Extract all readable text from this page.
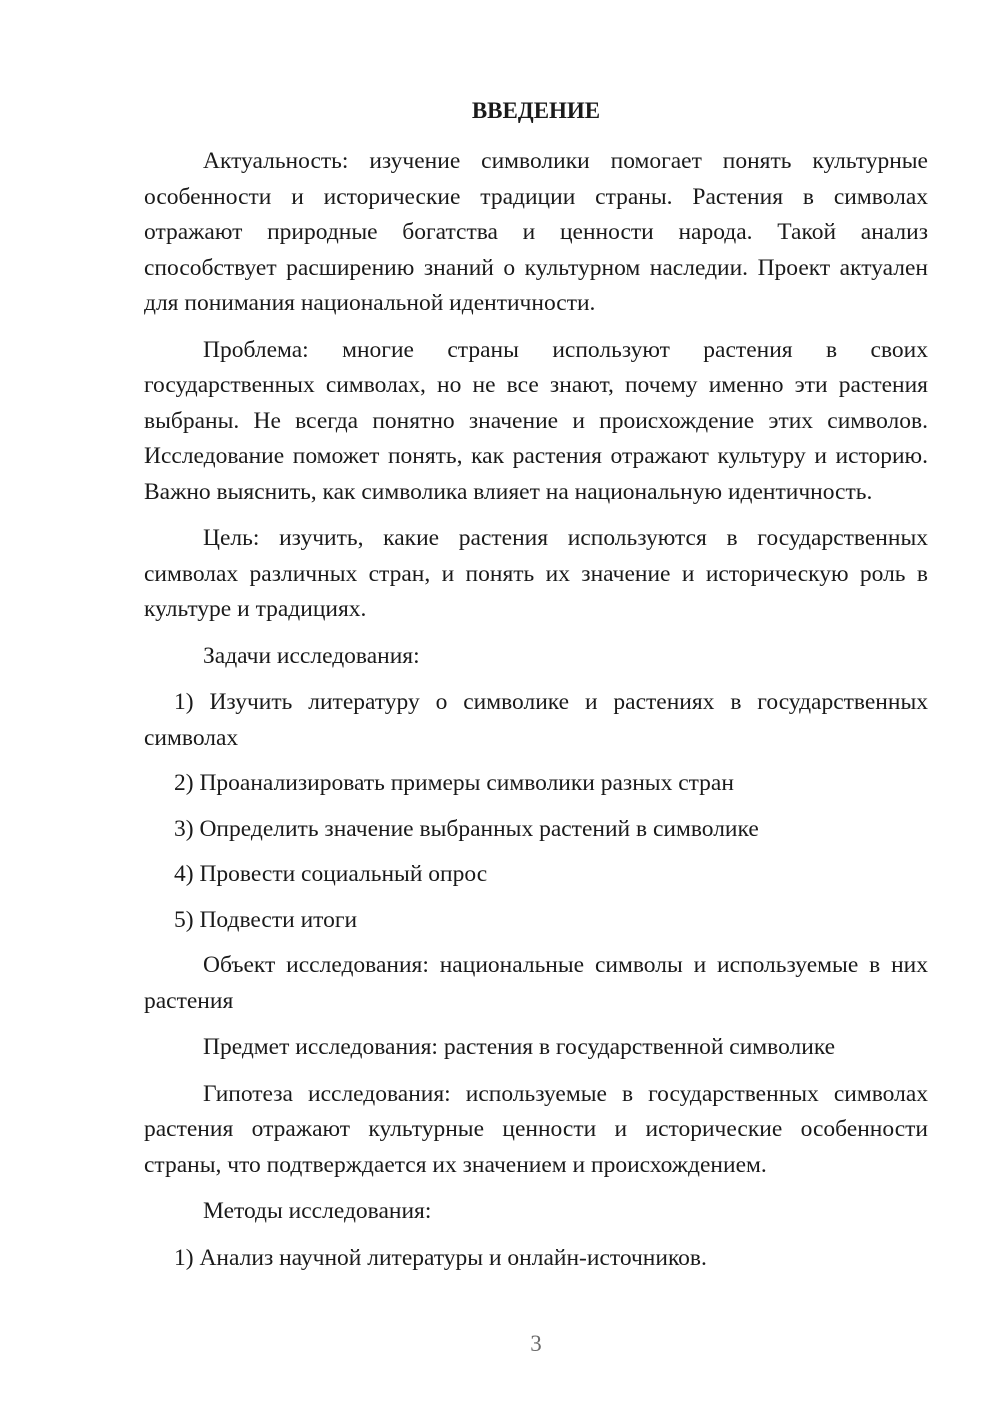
ВВЕДЕНИЕ

Актуальность: изучение символики помогает понять культурные особенности и исторические традиции страны. Растения в символах отражают природные богатства и ценности народа. Такой анализ способствует расширению знаний о культурном наследии. Проект актуален для понимания национальной идентичности.

Проблема: многие страны используют растения в своих государственных символах, но не все знают, почему именно эти растения выбраны. Не всегда понятно значение и происхождение этих символов. Исследование поможет понять, как растения отражают культуру и историю. Важно выяснить, как символика влияет на национальную идентичность.

Цель: изучить, какие растения используются в государственных символах различных стран, и понять их значение и историческую роль в культуре и традициях.

Задачи исследования:

1) Изучить литературу о символике и растениях в государственных символах

2) Проанализировать примеры символики разных стран

3) Определить значение выбранных растений в символике

4) Провести социальный опрос

5) Подвести итоги

Объект исследования: национальные символы и используемые в них растения

Предмет исследования: растения в государственной символике

Гипотеза исследования: используемые в государственных символах растения отражают культурные ценности и исторические особенности страны, что подтверждается их значением и происхождением.

Методы исследования:

1) Анализ научной литературы и онлайн-источников.

3
